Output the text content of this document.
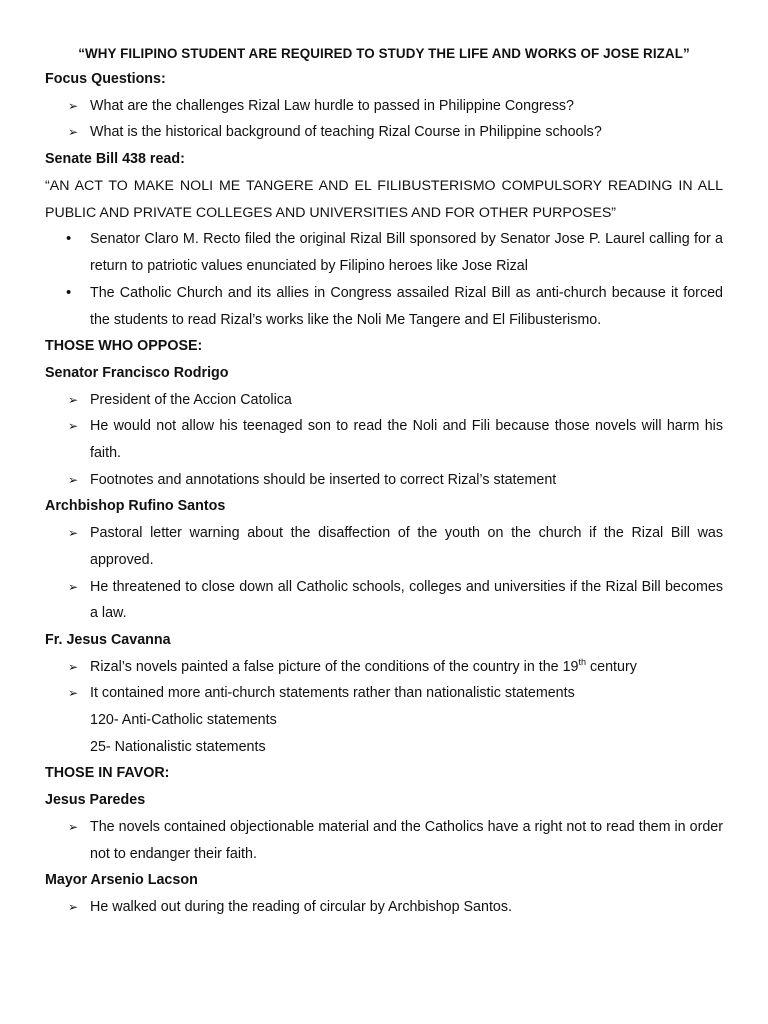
“WHY FILIPINO STUDENT ARE REQUIRED TO STUDY THE LIFE AND WORKS OF JOSE RIZAL”

Focus Questions:

➢ What are the challenges Rizal Law hurdle to passed in Philippine Congress?
➢ What is the historical background of teaching Rizal Course in Philippine schools?

Senate Bill 438 read:

“AN ACT TO MAKE NOLI ME TANGERE AND EL FILIBUSTERISMO COMPULSORY READING IN ALL PUBLIC AND PRIVATE COLLEGES AND UNIVERSITIES AND FOR OTHER PURPOSES”

• Senator Claro M. Recto filed the original Rizal Bill sponsored by Senator Jose P. Laurel calling for a return to patriotic values enunciated by Filipino heroes like Jose Rizal
• The Catholic Church and its allies in Congress assailed Rizal Bill as anti-church because it forced the students to read Rizal’s works like the Noli Me Tangere and El Filibusterismo.

THOSE WHO OPPOSE:

Senator Francisco Rodrigo

➢ President of the Accion Catolica
➢ He would not allow his teenaged son to read the Noli and Fili because those novels will harm his faith.
➢ Footnotes and annotations should be inserted to correct Rizal’s statement

Archbishop Rufino Santos

➢ Pastoral letter warning about the disaffection of the youth on the church if the Rizal Bill was approved.
➢ He threatened to close down all Catholic schools, colleges and universities if the Rizal Bill becomes a law.

Fr. Jesus Cavanna

➢ Rizal’s novels painted a false picture of the conditions of the country in the 19th century
➢ It contained more anti-church statements rather than nationalistic statements

120- Anti-Catholic statements

25- Nationalistic statements

THOSE IN FAVOR:

Jesus Paredes

➢ The novels contained objectionable material and the Catholics have a right not to read them in order not to endanger their faith.

Mayor Arsenio Lacson

➢ He walked out during the reading of circular by Archbishop Santos.
